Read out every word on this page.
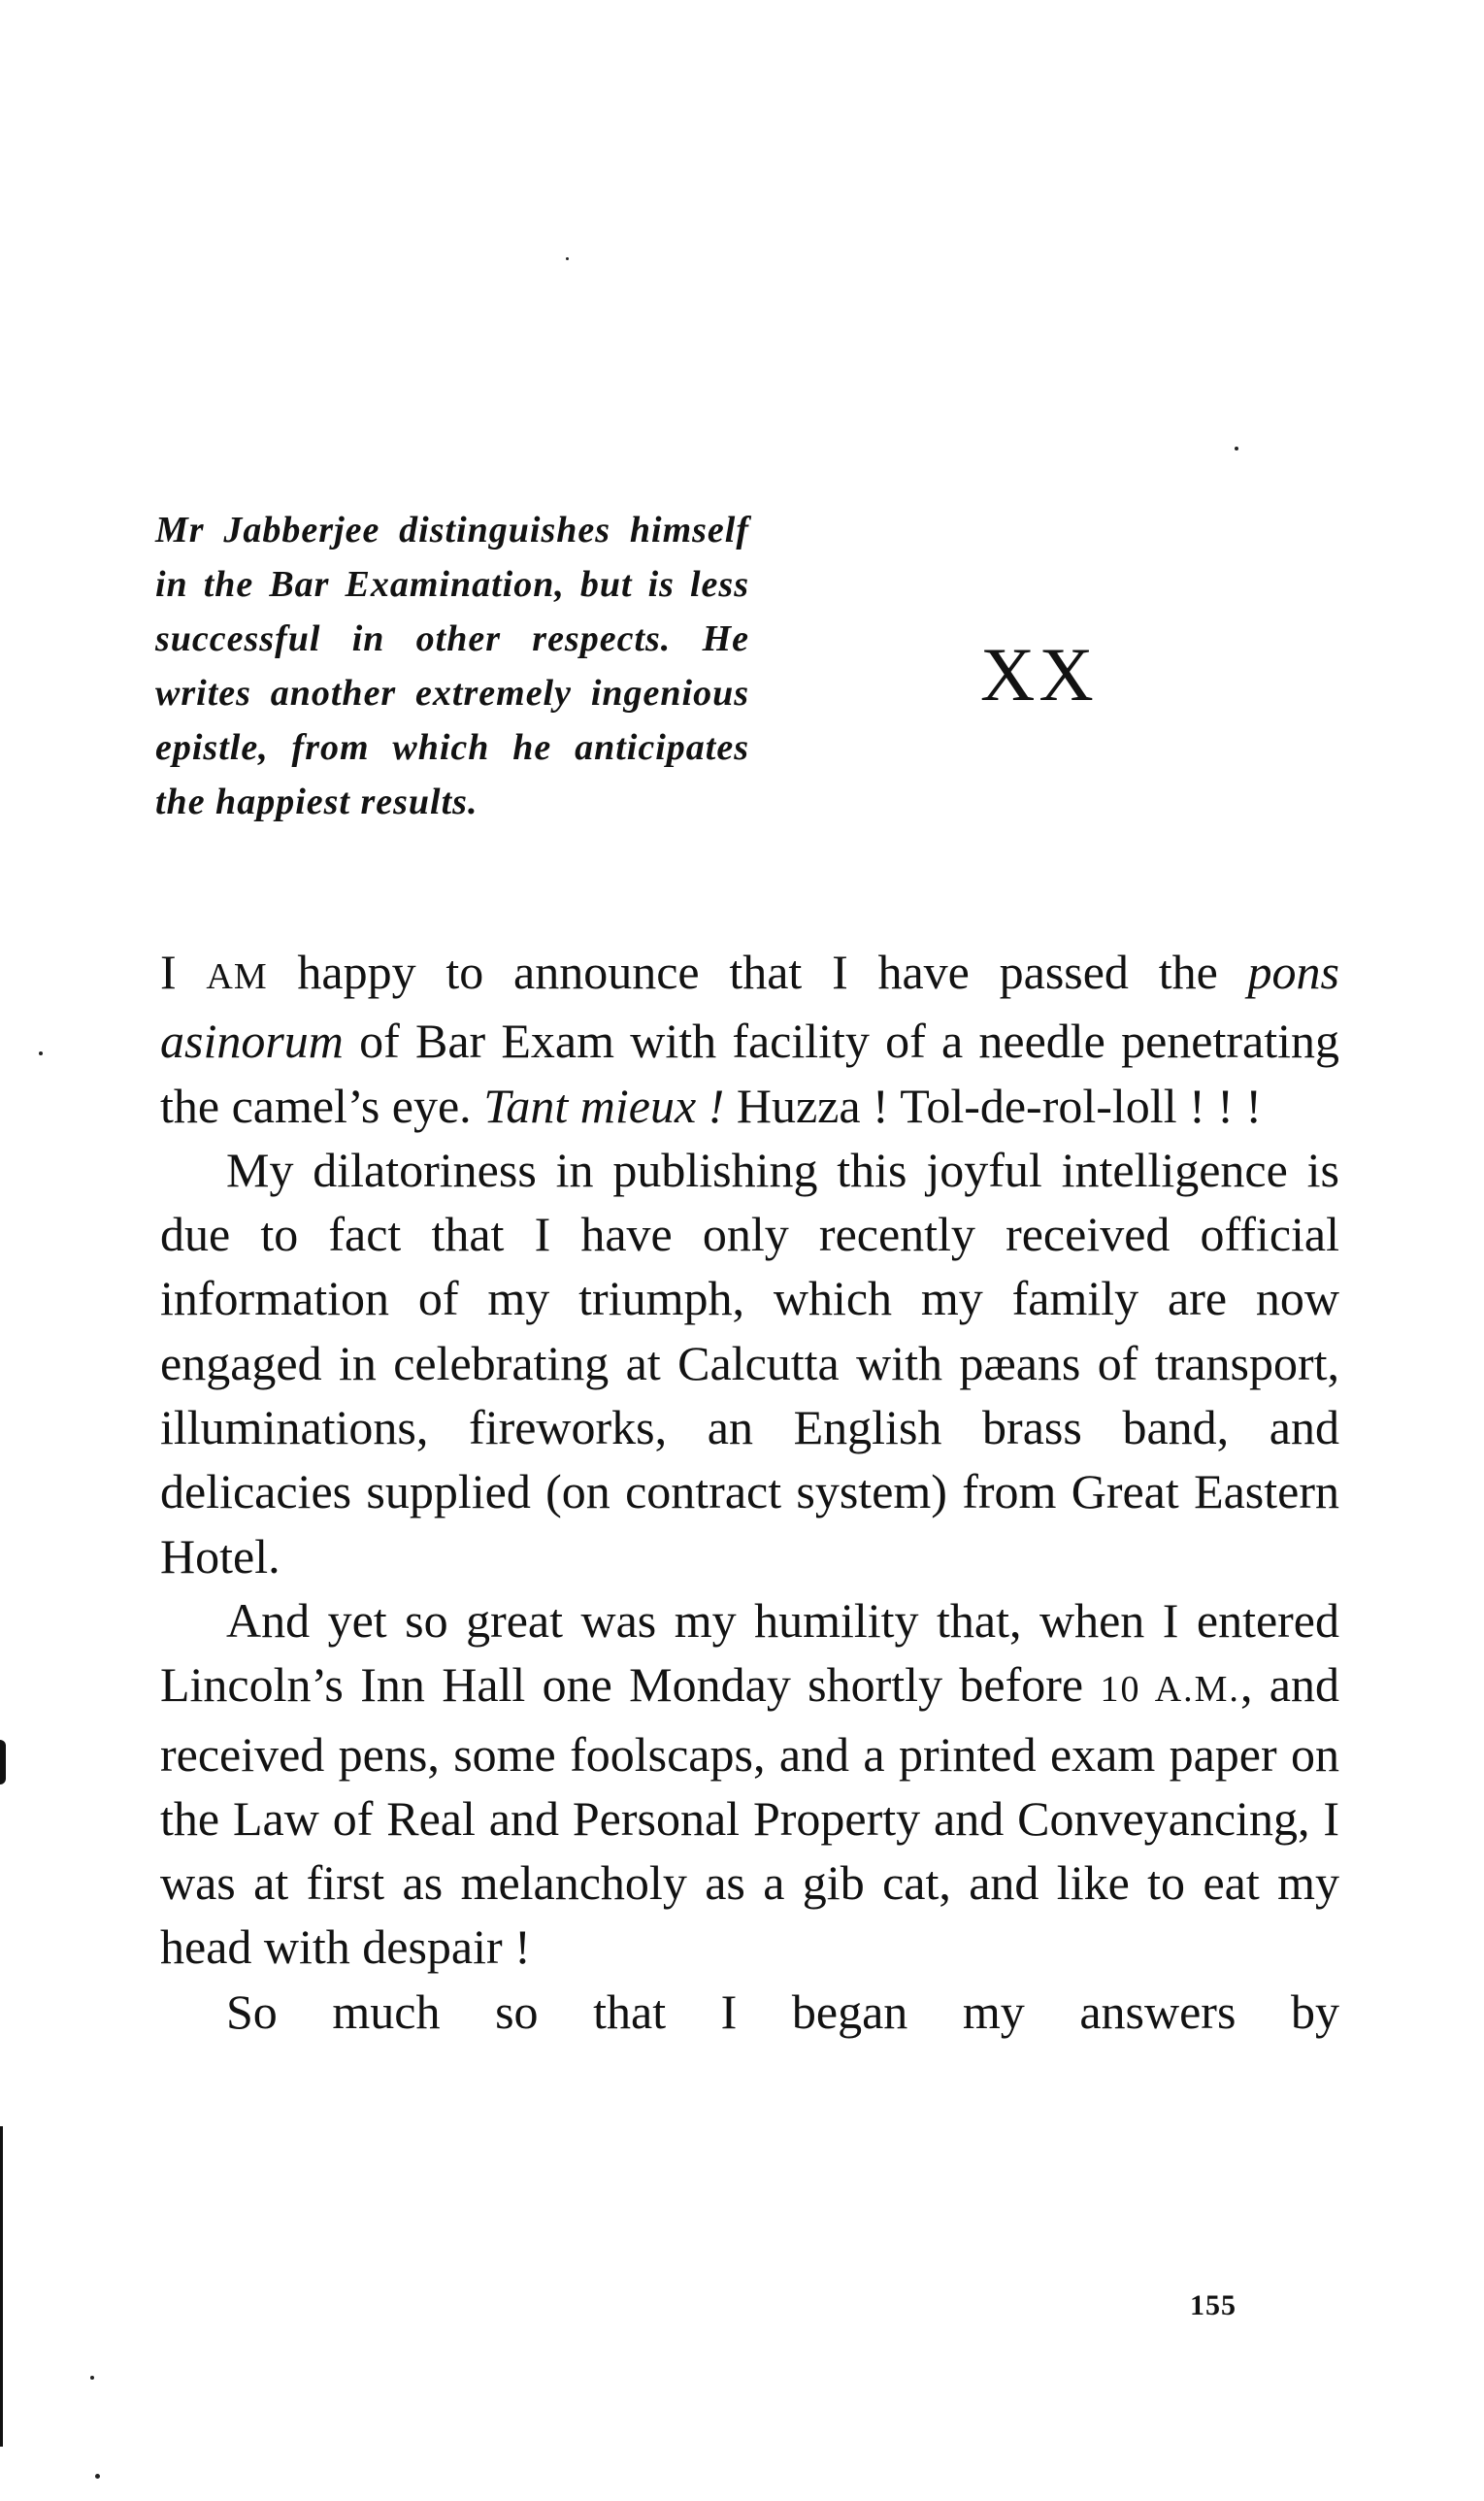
Mr Jabberjee distinguishes himself in the Bar Examination, but is less successful in other respects. He writes another extremely ingenious epistle, from which he anticipates the happiest results.
XX

I AM happy to announce that I have passed the pons asinorum of Bar Exam with facility of a needle penetrating the camel’s eye. Tant mieux ! Huzza ! Tol-de-rol-loll ! ! !

My dilatoriness in publishing this joyful intelligence is due to fact that I have only recently received official information of my triumph, which my family are now engaged in celebrating at Calcutta with pæans of transport, illuminations, fireworks, an English brass band, and delicacies supplied (on contract system) from Great Eastern Hotel.

And yet so great was my humility that, when I entered Lincoln’s Inn Hall one Monday shortly before 10 A.M., and received pens, some foolscaps, and a printed exam paper on the Law of Real and Personal Property and Conveyancing, I was at first as melancholy as a gib cat, and like to eat my head with despair !

So much so that I began my answers by

155
